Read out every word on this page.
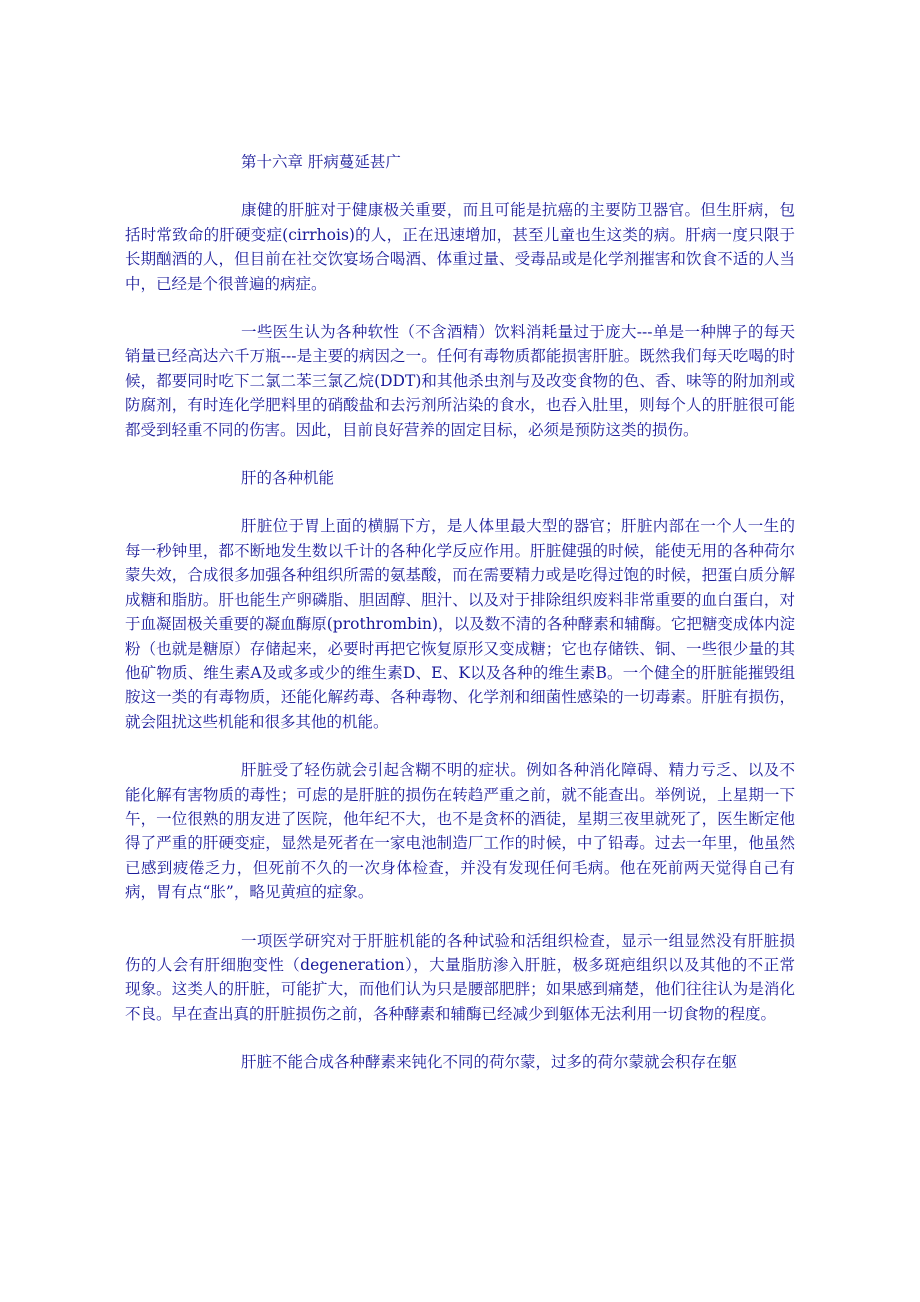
第十六章 肝病蔓延甚广

康健的肝脏对于健康极关重要，而且可能是抗癌的主要防卫器官。但生肝病，包括时常致命的肝硬变症(cirrhois)的人，正在迅速增加，甚至儿童也生这类的病。肝病一度只限于长期酗酒的人，但目前在社交饮宴场合喝酒、体重过量、受毒品或是化学剂摧害和饮食不适的人当中，已经是个很普遍的病症。

一些医生认为各种软性（不含酒精）饮料消耗量过于庞大---单是一种牌子的每天销量已经高达六千万瓶---是主要的病因之一。任何有毒物质都能损害肝脏。既然我们每天吃喝的时候，都要同时吃下二氯二苯三氯乙烷(DDT)和其他杀虫剂与及改变食物的色、香、味等的附加剂或防腐剂，有时连化学肥料里的硝酸盐和去污剂所沾染的食水，也吞入肚里，则每个人的肝脏很可能都受到轻重不同的伤害。因此，目前良好营养的固定目标，必须是预防这类的损伤。

肝的各种机能

肝脏位于胃上面的横膈下方，是人体里最大型的器官；肝脏内部在一个人一生的每一秒钟里，都不断地发生数以千计的各种化学反应作用。肝脏健强的时候，能使无用的各种荷尔蒙失效，合成很多加强各种组织所需的氨基酸，而在需要精力或是吃得过饱的时候，把蛋白质分解成糖和脂肪。肝也能生产卵磷脂、胆固醇、胆汁、以及对于排除组织废料非常重要的血白蛋白，对于血凝固极关重要的凝血酶原(prothrombin)，以及数不清的各种酵素和辅酶。它把糖变成体内淀粉（也就是糖原）存储起来，必要时再把它恢复原形又变成糖；它也存储铁、铜、一些很少量的其他矿物质、维生素A及或多或少的维生素D、E、K以及各种的维生素B。一个健全的肝脏能摧毁组胺这一类的有毒物质，还能化解药毒、各种毒物、化学剂和细菌性感染的一切毒素。肝脏有损伤，就会阻扰这些机能和很多其他的机能。

肝脏受了轻伤就会引起含糊不明的症状。例如各种消化障碍、精力亏乏、以及不能化解有害物质的毒性；可虑的是肝脏的损伤在转趋严重之前，就不能查出。举例说，上星期一下午，一位很熟的朋友进了医院，他年纪不大，也不是贪杯的酒徒，星期三夜里就死了，医生断定他得了严重的肝硬变症，显然是死者在一家电池制造厂工作的时候，中了铅毒。过去一年里，他虽然已感到疲倦乏力，但死前不久的一次身体检查，并没有发现任何毛病。他在死前两天觉得自己有病，胃有点“胀”，略见黄疸的症象。

一项医学研究对于肝脏机能的各种试验和活组织检查，显示一组显然没有肝脏损伤的人会有肝细胞变性（degeneration），大量脂肪渗入肝脏，极多斑疤组织以及其他的不正常现象。这类人的肝脏，可能扩大，而他们认为只是腰部肥胖；如果感到痛楚，他们往往认为是消化不良。早在查出真的肝脏损伤之前，各种酵素和辅酶已经减少到躯体无法利用一切食物的程度。

肝脏不能合成各种酵素来钝化不同的荷尔蒙，过多的荷尔蒙就会积存在躯
